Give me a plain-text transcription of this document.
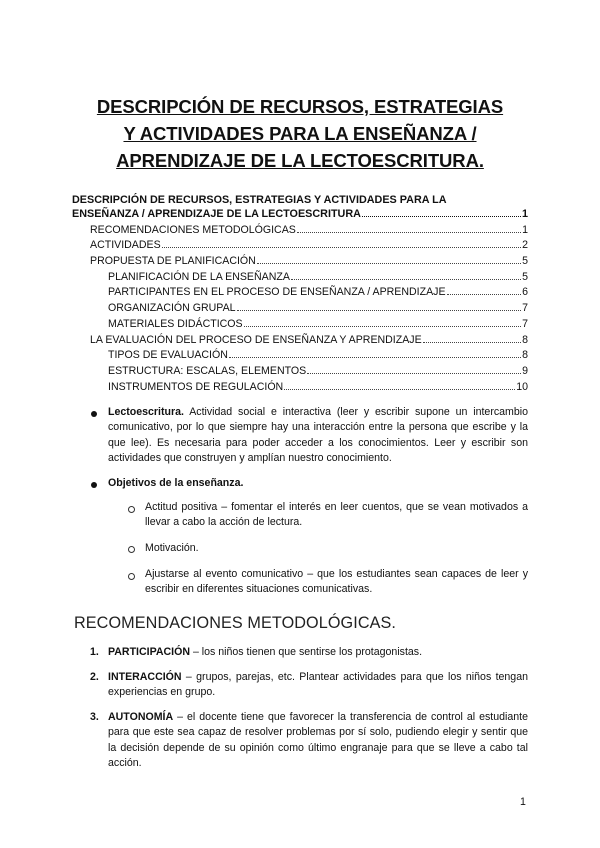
DESCRIPCIÓN DE RECURSOS, ESTRATEGIAS
Y ACTIVIDADES PARA LA ENSEÑANZA /
APRENDIZAJE DE LA LECTOESCRITURA.
DESCRIPCIÓN DE RECURSOS, ESTRATEGIAS Y ACTIVIDADES PARA LA
ENSEÑANZA / APRENDIZAJE DE LA LECTOESCRITURA	1
RECOMENDACIONES METODOLÓGICAS	1
ACTIVIDADES	2
PROPUESTA DE PLANIFICACIÓN	5
PLANIFICACIÓN DE LA ENSEÑANZA	5
PARTICIPANTES EN EL PROCESO DE ENSEÑANZA / APRENDIZAJE	6
ORGANIZACIÓN GRUPAL	7
MATERIALES DIDÁCTICOS	7
LA EVALUACIÓN DEL PROCESO DE ENSEÑANZA Y APRENDIZAJE	8
TIPOS DE EVALUACIÓN	8
ESTRUCTURA: ESCALAS, ELEMENTOS	9
INSTRUMENTOS DE REGULACIÓN	10
Lectoescritura. Actividad social e interactiva (leer y escribir supone un intercambio comunicativo, por lo que siempre hay una interacción entre la persona que escribe y la que lee). Es necesaria para poder acceder a los conocimientos. Leer y escribir son actividades que construyen y amplían nuestro conocimiento.
Objetivos de la enseñanza.
Actitud positiva – fomentar el interés en leer cuentos, que se vean motivados a llevar a cabo la acción de lectura.
Motivación.
Ajustarse al evento comunicativo – que los estudiantes sean capaces de leer y escribir en diferentes situaciones comunicativas.
RECOMENDACIONES METODOLÓGICAS.
1. PARTICIPACIÓN – los niños tienen que sentirse los protagonistas.
2. INTERACCIÓN – grupos, parejas, etc. Plantear actividades para que los niños tengan experiencias en grupo.
3. AUTONOMÍA – el docente tiene que favorecer la transferencia de control al estudiante para que este sea capaz de resolver problemas por sí solo, pudiendo elegir y sentir que la decisión depende de su opinión como último engranaje para que se lleve a cabo tal acción.
1
